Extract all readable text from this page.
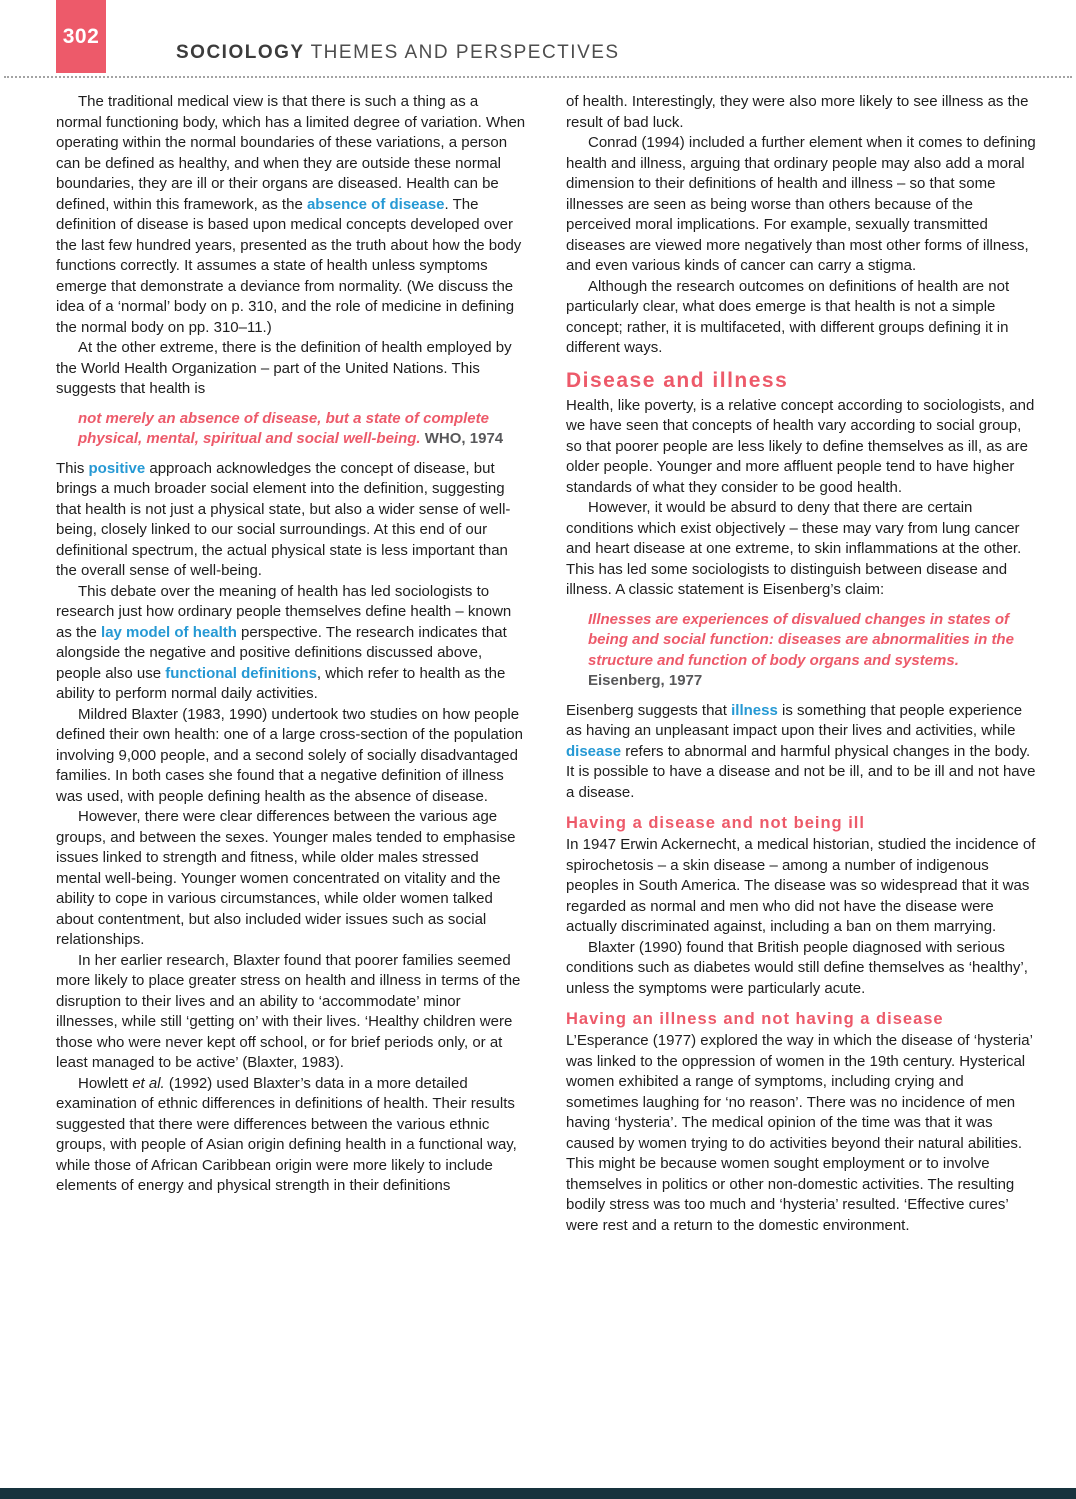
302
SOCIOLOGY THEMES AND PERSPECTIVES

The traditional medical view is that there is such a thing as a normal functioning body, which has a limited degree of variation. When operating within the normal boundaries of these variations, a person can be defined as healthy, and when they are outside these normal boundaries, they are ill or their organs are diseased. Health can be defined, within this framework, as the absence of disease. The definition of disease is based upon medical concepts developed over the last few hundred years, presented as the truth about how the body functions correctly. It assumes a state of health unless symptoms emerge that demonstrate a deviance from normality. (We discuss the idea of a ‘normal’ body on p. 310, and the role of medicine in defining the normal body on pp. 310–11.)

At the other extreme, there is the definition of health employed by the World Health Organization – part of the United Nations. This suggests that health is

not merely an absence of disease, but a state of complete physical, mental, spiritual and social well-being. WHO, 1974

This positive approach acknowledges the concept of disease, but brings a much broader social element into the definition, suggesting that health is not just a physical state, but also a wider sense of well-being, closely linked to our social surroundings. At this end of our definitional spectrum, the actual physical state is less important than the overall sense of well-being.

This debate over the meaning of health has led sociologists to research just how ordinary people themselves define health – known as the lay model of health perspective. The research indicates that alongside the negative and positive definitions discussed above, people also use functional definitions, which refer to health as the ability to perform normal daily activities.

Mildred Blaxter (1983, 1990) undertook two studies on how people defined their own health: one of a large cross-section of the population involving 9,000 people, and a second solely of socially disadvantaged families. In both cases she found that a negative definition of illness was used, with people defining health as the absence of disease.

However, there were clear differences between the various age groups, and between the sexes. Younger males tended to emphasise issues linked to strength and fitness, while older males stressed mental well-being. Younger women concentrated on vitality and the ability to cope in various circumstances, while older women talked about contentment, but also included wider issues such as social relationships.

In her earlier research, Blaxter found that poorer families seemed more likely to place greater stress on health and illness in terms of the disruption to their lives and an ability to ‘accommodate’ minor illnesses, while still ‘getting on’ with their lives. ‘Healthy children were those who were never kept off school, or for brief periods only, or at least managed to be active’ (Blaxter, 1983).

Howlett et al. (1992) used Blaxter’s data in a more detailed examination of ethnic differences in definitions of health. Their results suggested that there were differences between the various ethnic groups, with people of Asian origin defining health in a functional way, while those of African Caribbean origin were more likely to include elements of energy and physical strength in their definitions

of health. Interestingly, they were also more likely to see illness as the result of bad luck.

Conrad (1994) included a further element when it comes to defining health and illness, arguing that ordinary people may also add a moral dimension to their definitions of health and illness – so that some illnesses are seen as being worse than others because of the perceived moral implications. For example, sexually transmitted diseases are viewed more negatively than most other forms of illness, and even various kinds of cancer can carry a stigma.

Although the research outcomes on definitions of health are not particularly clear, what does emerge is that health is not a simple concept; rather, it is multifaceted, with different groups defining it in different ways.

Disease and illness

Health, like poverty, is a relative concept according to sociologists, and we have seen that concepts of health vary according to social group, so that poorer people are less likely to define themselves as ill, as are older people. Younger and more affluent people tend to have higher standards of what they consider to be good health.

However, it would be absurd to deny that there are certain conditions which exist objectively – these may vary from lung cancer and heart disease at one extreme, to skin inflammations at the other. This has led some sociologists to distinguish between disease and illness. A classic statement is Eisenberg’s claim:

Illnesses are experiences of disvalued changes in states of being and social function: diseases are abnormalities in the structure and function of body organs and systems. Eisenberg, 1977

Eisenberg suggests that illness is something that people experience as having an unpleasant impact upon their lives and activities, while disease refers to abnormal and harmful physical changes in the body. It is possible to have a disease and not be ill, and to be ill and not have a disease.

Having a disease and not being ill

In 1947 Erwin Ackernecht, a medical historian, studied the incidence of spirochetosis – a skin disease – among a number of indigenous peoples in South America. The disease was so widespread that it was regarded as normal and men who did not have the disease were actually discriminated against, including a ban on them marrying.

Blaxter (1990) found that British people diagnosed with serious conditions such as diabetes would still define themselves as ‘healthy’, unless the symptoms were particularly acute.

Having an illness and not having a disease

L’Esperance (1977) explored the way in which the disease of ‘hysteria’ was linked to the oppression of women in the 19th century. Hysterical women exhibited a range of symptoms, including crying and sometimes laughing for ‘no reason’. There was no incidence of men having ‘hysteria’. The medical opinion of the time was that it was caused by women trying to do activities beyond their natural abilities. This might be because women sought employment or to involve themselves in politics or other non-domestic activities. The resulting bodily stress was too much and ‘hysteria’ resulted. ‘Effective cures’ were rest and a return to the domestic environment.
